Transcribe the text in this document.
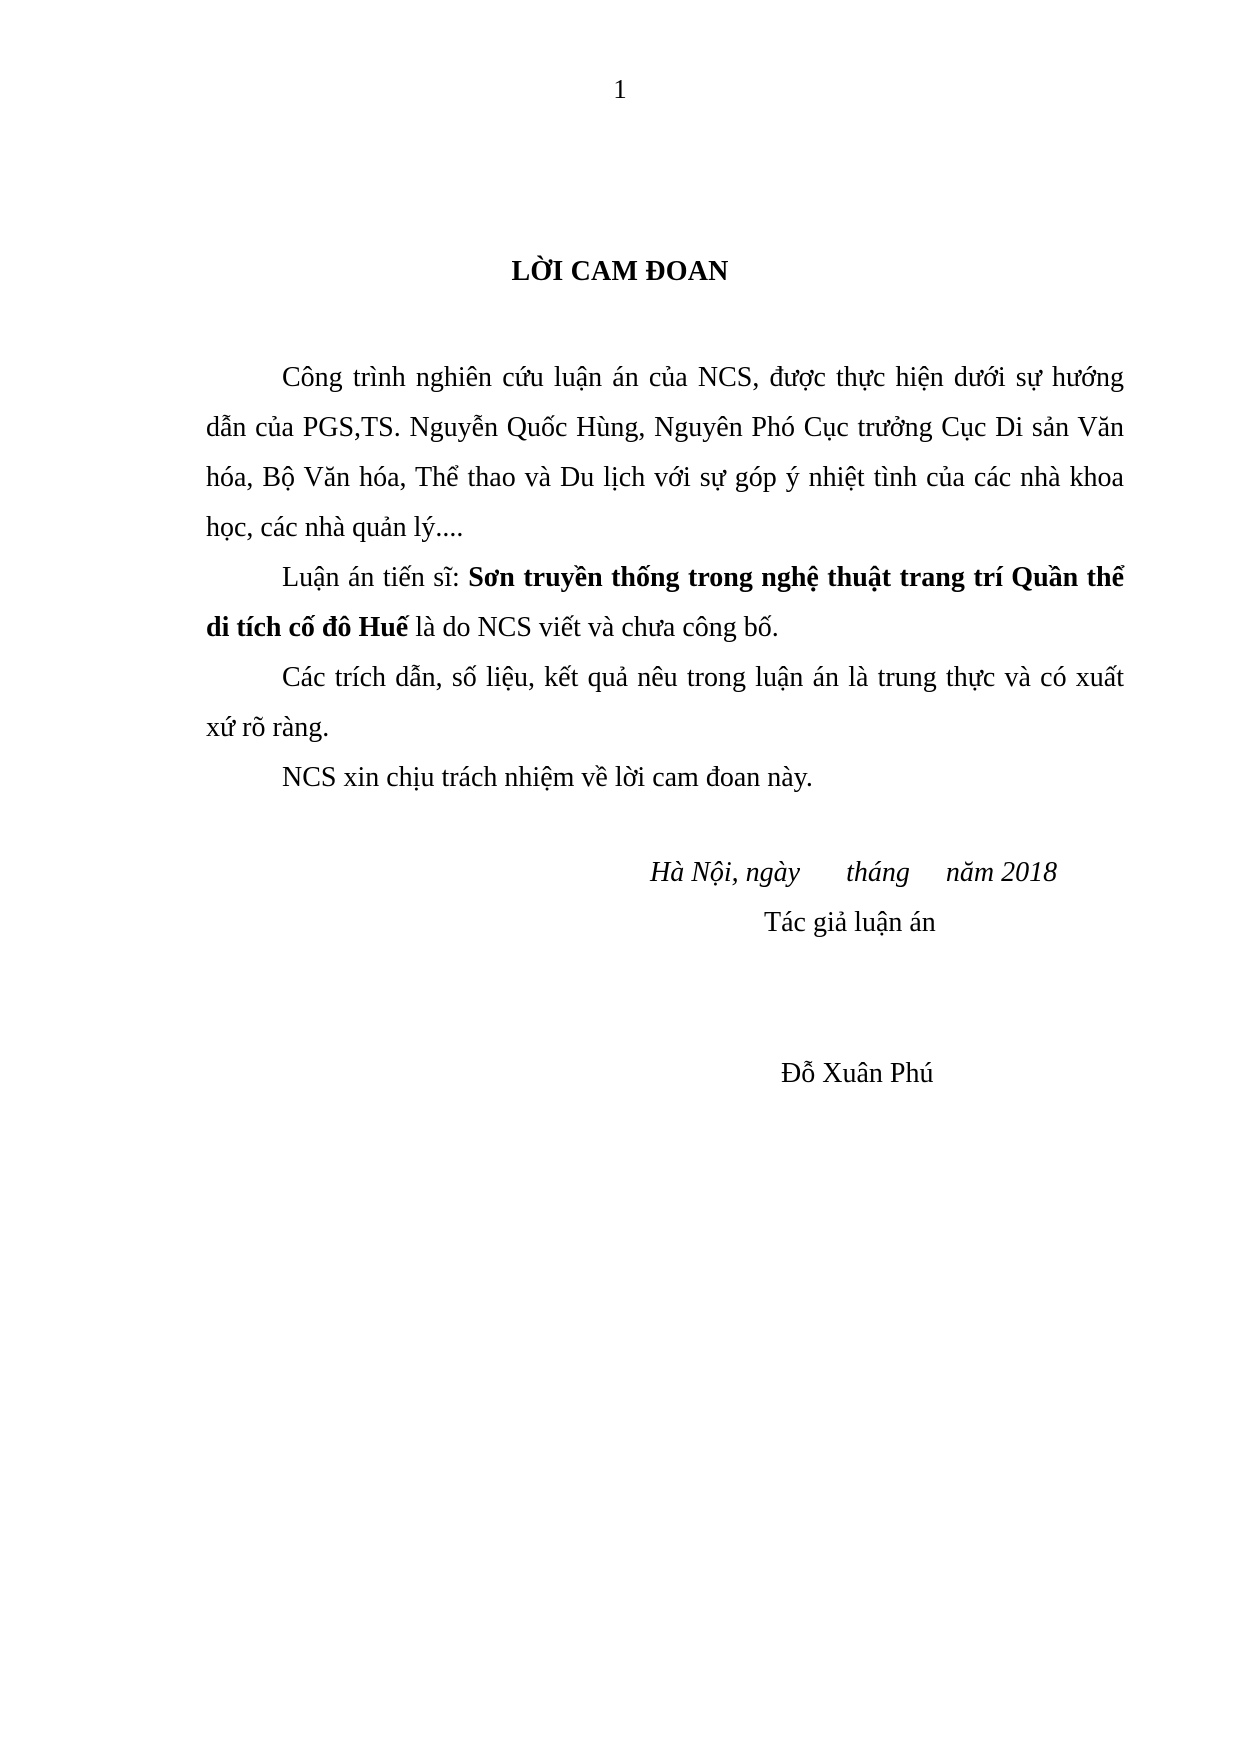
1
LỜI CAM ĐOAN

Công trình nghiên cứu luận án của NCS, được thực hiện dưới sự hướng dẫn của PGS,TS. Nguyễn Quốc Hùng, Nguyên Phó Cục trưởng Cục Di sản Văn hóa, Bộ Văn hóa, Thể thao và Du lịch với sự góp ý nhiệt tình của các nhà khoa học, các nhà quản lý....

Luận án tiến sĩ: Sơn truyền thống trong nghệ thuật trang trí Quần thể di tích cố đô Huế là do NCS viết và chưa công bố.

Các trích dẫn, số liệu, kết quả nêu trong luận án là trung thực và có xuất xứ rõ ràng.

NCS xin chịu trách nhiệm về lời cam đoan này.

Hà Nội, ngày tháng năm 2018
Tác giả luận án
Đỗ Xuân Phú
